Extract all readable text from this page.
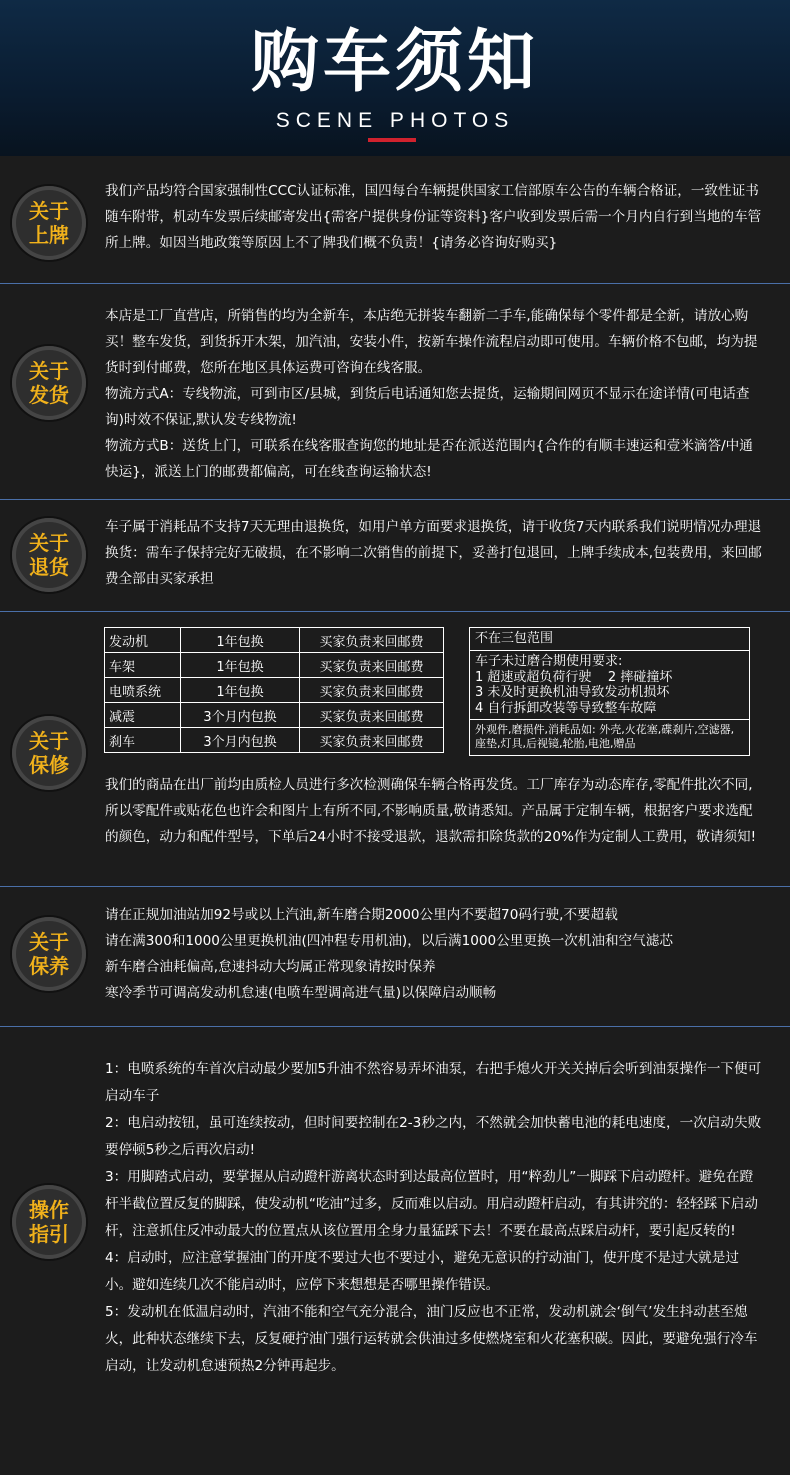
购车须知
SCENE PHOTOS
关于
上牌

我们产品均符合国家强制性CCC认证标准，国四每台车辆提供国家工信部原车公告的车辆合格证，一致性证书随车附带，机动车发票后续邮寄发出{需客户提供身份证等资料}客户收到发票后需一个月内自行到当地的车管所上牌。如因当地政策等原因上不了牌我们概不负责！{请务必咨询好购买}

关于
发货

本店是工厂直营店，所销售的均为全新车，本店绝无拼装车翻新二手车,能确保每个零件都是全新，请放心购买！整车发货，到货拆开木架，加汽油，安装小件，按新车操作流程启动即可使用。车辆价格不包邮，均为提货时到付邮费，您所在地区具体运费可咨询在线客服。

物流方式A：专线物流，可到市区/县城，到货后电话通知您去提货，运输期间网页不显示在途详情(可电话查询)时效不保证,默认发专线物流!

物流方式B：送货上门，可联系在线客服查询您的地址是否在派送范围内{合作的有顺丰速运和壹米滴答/中通快运}，派送上门的邮费都偏高，可在线查询运输状态!

关于
退货

车子属于消耗品不支持7天无理由退换货，如用户单方面要求退换货，请于收货7天内联系我们说明情况办理退换货：需车子保持完好无破损，在不影响二次销售的前提下，妥善打包退回，上牌手续成本,包装费用，来回邮费全部由买家承担

关于
保修
发动机	1年包换	买家负责来回邮费
车架	1年包换	买家负责来回邮费
电喷系统	1年包换	买家负责来回邮费
减震	3个月内包换	买家负责来回邮费
刹车	3个月内包换	买家负责来回邮费
不在三包范围
车子未过磨合期使用要求:
1 超速或超负荷行驶    2 摔碰撞坏
3 未及时更换机油导致发动机损坏
4 自行拆卸改装等导致整车故障
外观件,磨损件,消耗品如: 外壳,火花塞,碟刹片,空滤器,座垫,灯具,后视镜,轮胎,电池,赠品

我们的商品在出厂前均由质检人员进行多次检测确保车辆合格再发货。工厂库存为动态库存,零配件批次不同,所以零配件或贴花色也许会和图片上有所不同,不影响质量,敬请悉知。产品属于定制车辆，根据客户要求选配的颜色，动力和配件型号，下单后24小时不接受退款，退款需扣除货款的20%作为定制人工费用，敬请须知!

关于
保养

请在正规加油站加92号或以上汽油,新车磨合期2000公里内不要超70码行驶,不要超载

请在满300和1000公里更换机油(四冲程专用机油)，以后满1000公里更换一次机油和空气滤芯

新车磨合油耗偏高,怠速抖动大均属正常现象请按时保养

寒冷季节可调高发动机怠速(电喷车型调高进气量)以保障启动顺畅

操作
指引

1：电喷系统的车首次启动最少要加5升油不然容易弄坏油泵，右把手熄火开关关掉后会听到油泵操作一下便可启动车子

2：电启动按钮，虽可连续按动，但时间要控制在2-3秒之内，不然就会加快蓄电池的耗电速度，一次启动失败要停顿5秒之后再次启动!

3：用脚踏式启动，要掌握从启动蹬杆游离状态时到达最高位置时，用“粹劲儿”一脚踩下启动蹬杆。避免在蹬杆半截位置反复的脚踩，使发动机“吃油”过多，反而难以启动。用启动蹬杆启动，有其讲究的：轻轻踩下启动杆，注意抓住反冲动最大的位置点从该位置用全身力量猛踩下去！不要在最高点踩启动杆，要引起反转的!

4：启动时，应注意掌握油门的开度不要过大也不要过小，避免无意识的拧动油门，使开度不是过大就是过小。避如连续几次不能启动时，应停下来想想是否哪里操作错误。

5：发动机在低温启动时，汽油不能和空气充分混合，油门反应也不正常，发动机就会‘倒气’发生抖动甚至熄火，此种状态继续下去，反复硬拧油门强行运转就会供油过多使燃烧室和火花塞积碳。因此，要避免强行冷车启动，让发动机怠速预热2分钟再起步。
